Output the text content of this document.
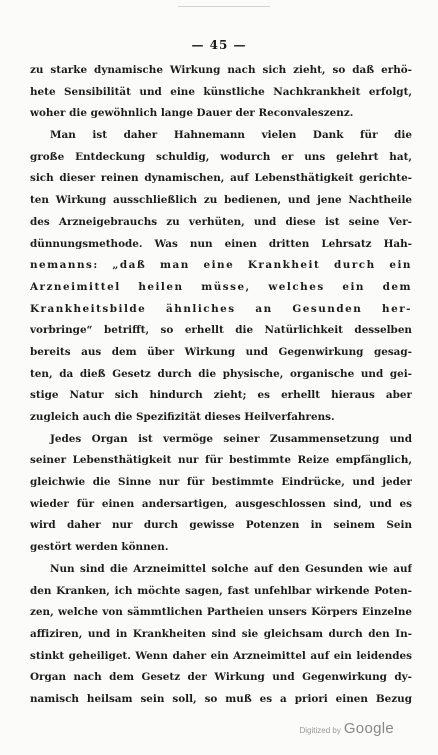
— 45 —
zu starke dynamische Wirkung nach sich zieht, so daß erhö-
hete Sensibilität und eine künstliche Nachkrankheit erfolgt,
woher die gewöhnlich lange Dauer der Reconvaleszenz.
Man ist daher Hahnemann vielen Dank für die
große Entdeckung schuldig, wodurch er uns gelehrt hat,
sich dieser reinen dynamischen, auf Lebensthätigkeit gerichte-
ten Wirkung ausschließlich zu bedienen, und jene Nachtheile
des Arzneigebrauchs zu verhüten, und diese ist seine Ver-
dünnungsmethode. Was nun einen dritten Lehrsatz Hah-
nemanns: „daß man eine Krankheit durch ein
Arzneimittel heilen müsse, welches ein dem
Krankheitsbilde ähnliches an Gesunden her-
vorbringe“ betrifft, so erhellt die Natürlichkeit desselben
bereits aus dem über Wirkung und Gegenwirkung gesag-
ten, da dieß Gesetz durch die physische, organische und gei-
stige Natur sich hindurch zieht; es erhellt hieraus aber
zugleich auch die Spezifizität dieses Heilverfahrens.
Jedes Organ ist vermöge seiner Zusammensetzung und
seiner Lebensthätigkeit nur für bestimmte Reize empfänglich,
gleichwie die Sinne nur für bestimmte Eindrücke, und jeder
wieder für einen andersartigen, ausgeschlossen sind, und es
wird daher nur durch gewisse Potenzen in seinem Sein
gestört werden können.
Nun sind die Arzneimittel solche auf den Gesunden wie auf
den Kranken, ich möchte sagen, fast unfehlbar wirkende Poten-
zen, welche von sämmtlichen Partheien unsers Körpers Einzelne
affiziren, und in Krankheiten sind sie gleichsam durch den In-
stinkt geheiliget. Wenn daher ein Arzneimittel auf ein leidendes
Organ nach dem Gesetz der Wirkung und Gegenwirkung dy-
namisch heilsam sein soll, so muß es a priori einen Bezug
Digitized by Google
